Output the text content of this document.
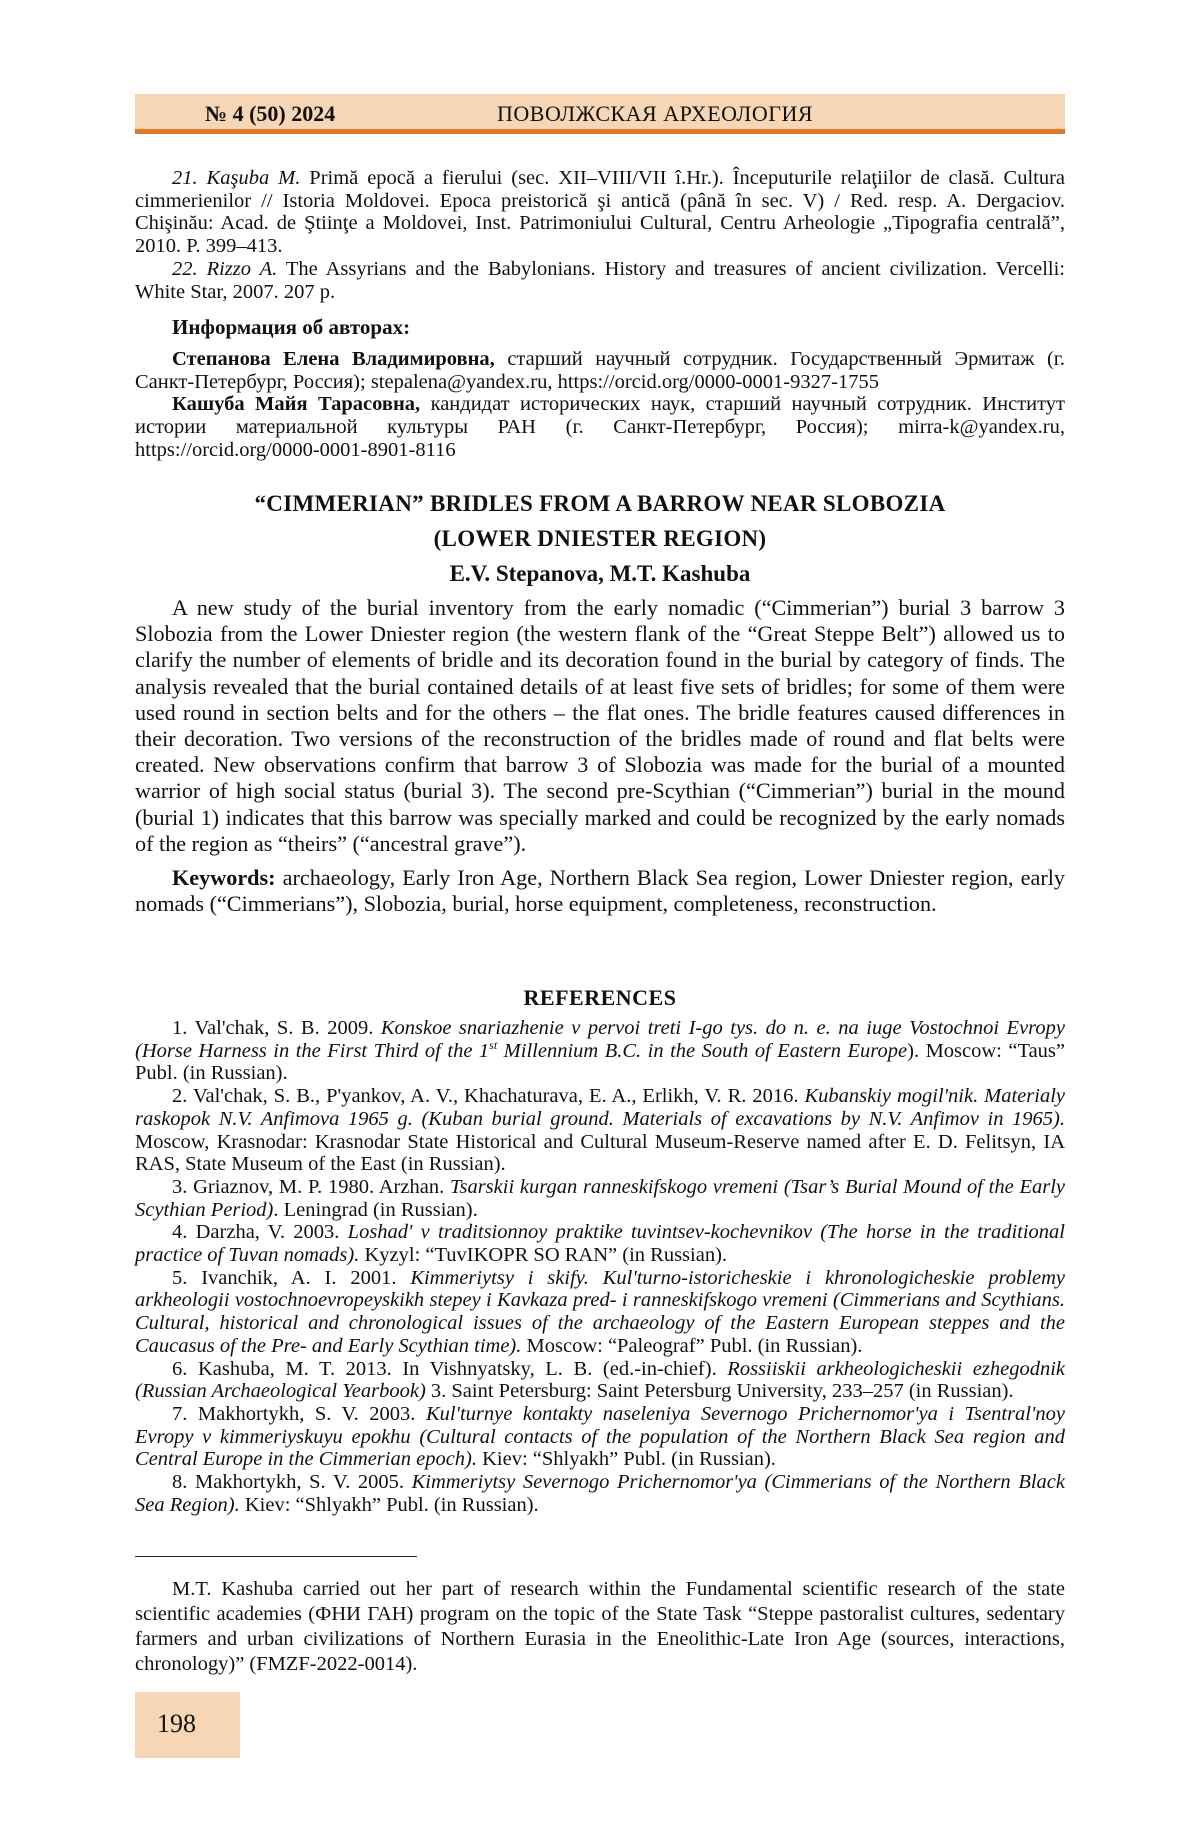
№ 4 (50) 2024	ПОВОЛЖСКАЯ АРХЕОЛОГИЯ

21. Kaşuba M. Primă epocă a fierului (sec. XII–VIII/VII î.Hr.). Începuturile relaţiilor de clasă. Cultura cimmerienilor // Istoria Moldovei. Epoca preistorică şi antică (până în sec. V) / Red. resp. A. Dergaciov. Chişinău: Acad. de Ştiinţe a Moldovei, Inst. Patrimoniului Cultural, Centru Arheologie „Tipografia centrală”, 2010. P. 399–413.

22. Rizzo A. The Assyrians and the Babylonians. History and treasures of ancient civilization. Vercelli: White Star, 2007. 207 p.

Информация об авторах:

Степанова Елена Владимировна, старший научный сотрудник. Государственный Эрмитаж (г. Санкт-Петербург, Россия); stepalena@yandex.ru, https://orcid.org/0000-0001-9327-1755

Кашуба Майя Тарасовна, кандидат исторических наук, старший научный сотрудник. Институт истории материальной культуры РАН (г. Санкт-Петербург, Россия); mirra-k@yandex.ru, https://orcid.org/0000-0001-8901-8116

“CIMMERIAN” BRIDLES FROM A BARROW NEAR SLOBOZIA
(LOWER DNIESTER REGION)
E.V. Stepanova, M.T. Kashuba

A new study of the burial inventory from the early nomadic (“Cimmerian”) burial 3 barrow 3 Slobozia from the Lower Dniester region (the western flank of the “Great Steppe Belt”) allowed us to clarify the number of elements of bridle and its decoration found in the burial by category of finds. The analysis revealed that the burial contained details of at least five sets of bridles; for some of them were used round in section belts and for the others – the flat ones. The bridle features caused differences in their decoration. Two versions of the reconstruction of the bridles made of round and flat belts were created. New observations confirm that barrow 3 of Slobozia was made for the burial of a mounted warrior of high social status (burial 3). The second pre-Scythian (“Cimmerian”) burial in the mound (burial 1) indicates that this barrow was specially marked and could be recognized by the early nomads of the region as “theirs” (“ancestral grave”).

Keywords: archaeology, Early Iron Age, Northern Black Sea region, Lower Dniester region, early nomads (“Cimmerians”), Slobozia, burial, horse equipment, completeness, reconstruction.

REFERENCES

1. Val'chak, S. B. 2009. Konskoe snariazhenie v pervoi treti I-go tys. do n. e. na iuge Vostochnoi Evropy (Horse Harness in the First Third of the 1st Millennium B.C. in the South of Eastern Europe). Moscow: “Taus” Publ. (in Russian).

2. Val'chak, S. B., P'yankov, A. V., Khachaturava, E. A., Erlikh, V. R. 2016. Kubanskiy mogil'nik. Materialy raskopok N.V. Anfimova 1965 g. (Kuban burial ground. Materials of excavations by N.V. Anfimov in 1965). Moscow, Krasnodar: Krasnodar State Historical and Cultural Museum-Reserve named after E. D. Felitsyn, IA RAS, State Museum of the East (in Russian).

3. Griaznov, M. P. 1980. Arzhan. Tsarskii kurgan ranneskifskogo vremeni (Tsar’s Burial Mound of the Early Scythian Period). Leningrad (in Russian).

4. Darzha, V. 2003. Loshad' v traditsionnoy praktike tuvintsev-kochevnikov (The horse in the traditional practice of Tuvan nomads). Kyzyl: “TuvIKOPR SO RAN” (in Russian).

5. Ivanchik, A. I. 2001. Kimmeriytsy i skify. Kul'turno-istoricheskie i khronologicheskie problemy arkheologii vostochnoevropeyskikh stepey i Kavkaza pred- i ranneskifskogo vremeni (Cimmerians and Scythians. Cultural, historical and chronological issues of the archaeology of the Eastern European steppes and the Caucasus of the Pre- and Early Scythian time). Moscow: “Paleograf” Publ. (in Russian).

6. Kashuba, M. T. 2013. In Vishnyatsky, L. B. (ed.-in-chief). Rossiiskii arkheologicheskii ezhegodnik (Russian Archaeological Yearbook) 3. Saint Petersburg: Saint Petersburg University, 233–257 (in Russian).

7. Makhortykh, S. V. 2003. Kul'turnye kontakty naseleniya Severnogo Prichernomor'ya i Tsentral'noy Evropy v kimmeriyskuyu epokhu (Cultural contacts of the population of the Northern Black Sea region and Central Europe in the Cimmerian epoch). Kiev: “Shlyakh” Publ. (in Russian).

8. Makhortykh, S. V. 2005. Kimmeriytsy Severnogo Prichernomor'ya (Cimmerians of the Northern Black Sea Region). Kiev: “Shlyakh” Publ. (in Russian).

M.T. Kashuba carried out her part of research within the Fundamental scientific research of the state scientific academies (ФНИ ГАН) program on the topic of the State Task “Steppe pastoralist cultures, sedentary farmers and urban civilizations of Northern Eurasia in the Eneolithic-Late Iron Age (sources, interactions, chronology)” (FMZF-2022-0014).

198
